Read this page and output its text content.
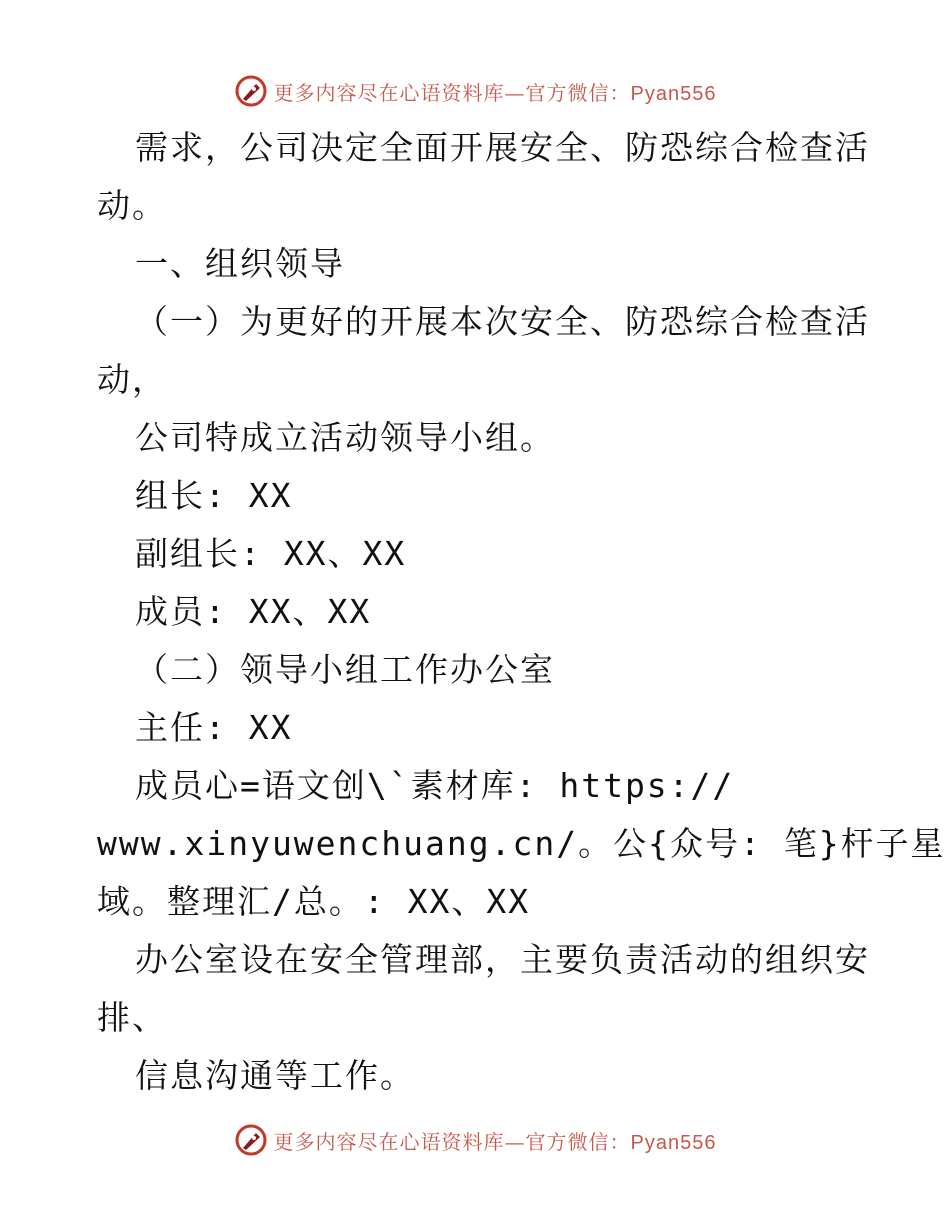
更多内容尽在心语资料库—官方微信：Pyan556
需求，公司决定全面开展安全、防恐综合检查活
动。
一、组织领导
（一）为更好的开展本次安全、防恐综合检查活
动，
公司特成立活动领导小组。
组长: XX
副组长: XX、XX
成员: XX、XX
（二）领导小组工作办公室
主任: XX
成员心=语文创\`素材库: https://
www.xinyuwenchuang.cn/。公{众号: 笔}杆子星
域。整理汇/总。: XX、XX
办公室设在安全管理部，主要负责活动的组织安
排、
信息沟通等工作。
更多内容尽在心语资料库—官方微信：Pyan556
